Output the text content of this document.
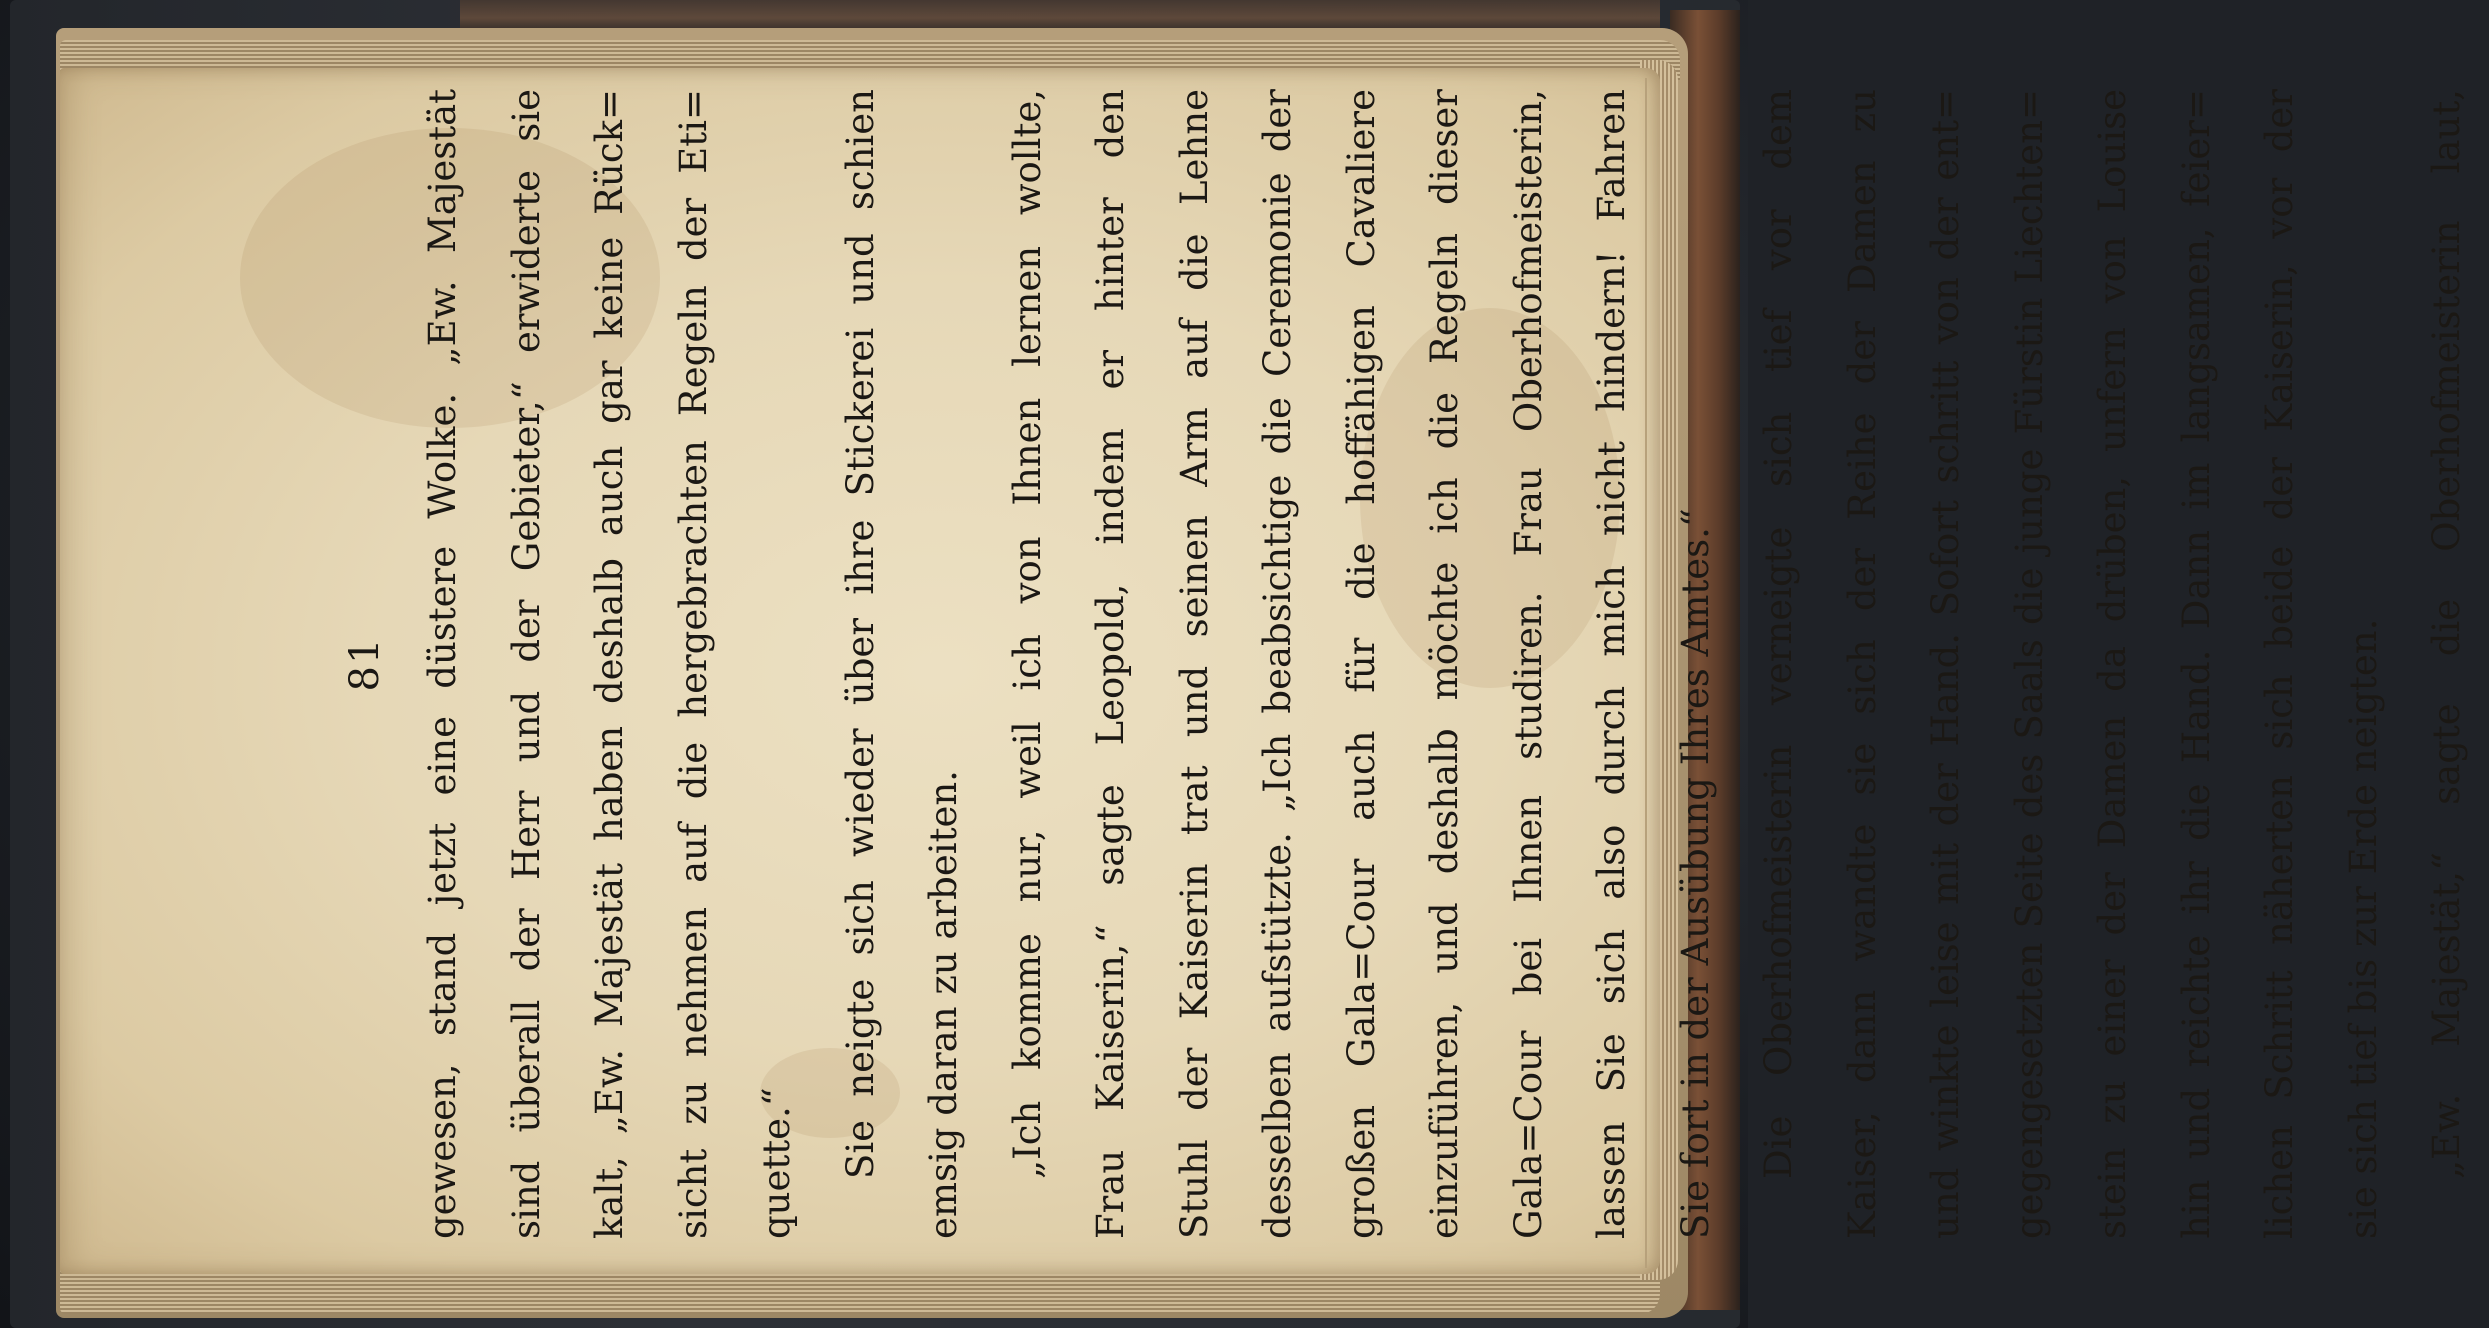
81 gewesen, stand jetzt eine düstere Wolke. „Ew. Majestät	sind überall der Herr und der Gebieter,“ erwiderte sie	kalt, „Ew. Majestät haben deshalb auch gar keine Rück=	sicht zu nehmen auf die hergebrachten Regeln der Eti=	quette.“	Sie neigte sich wieder über ihre Stickerei und schien	emsig daran zu arbeiten.	„Ich komme nur, weil ich von Ihnen lernen wollte,	Frau Kaiserin,“ sagte Leopold, indem er hinter den	Stuhl der Kaiserin trat und seinen Arm auf die Lehne	desselben aufstützte. „Ich beabsichtige die Ceremonie der	großen Gala=Cour auch für die hoffähigen Cavaliere	einzuführen, und deshalb möchte ich die Regeln dieser	Gala=Cour bei Ihnen studiren. Frau Oberhofmeisterin,	lassen Sie sich also durch mich nicht hindern! Fahren	Sie fort in der Ausübung Ihres Amtes.“	Die Oberhofmeisterin verneigte sich tief vor dem	Kaiser, dann wandte sie sich der Reihe der Damen zu	und winkte leise mit der Hand. Sofort schritt von der ent=	gegengesetzten Seite des Saals die junge Fürstin Liechten=	stein zu einer der Damen da drüben, unfern von Louise	hin und reichte ihr die Hand. Dann im langsamen, feier=	lichen Schritt näherten sich beide der Kaiserin, vor der	sie sich tief bis zur Erde neigten.	„Ew. Majestät,“ sagte die Oberhofmeisterin laut,
